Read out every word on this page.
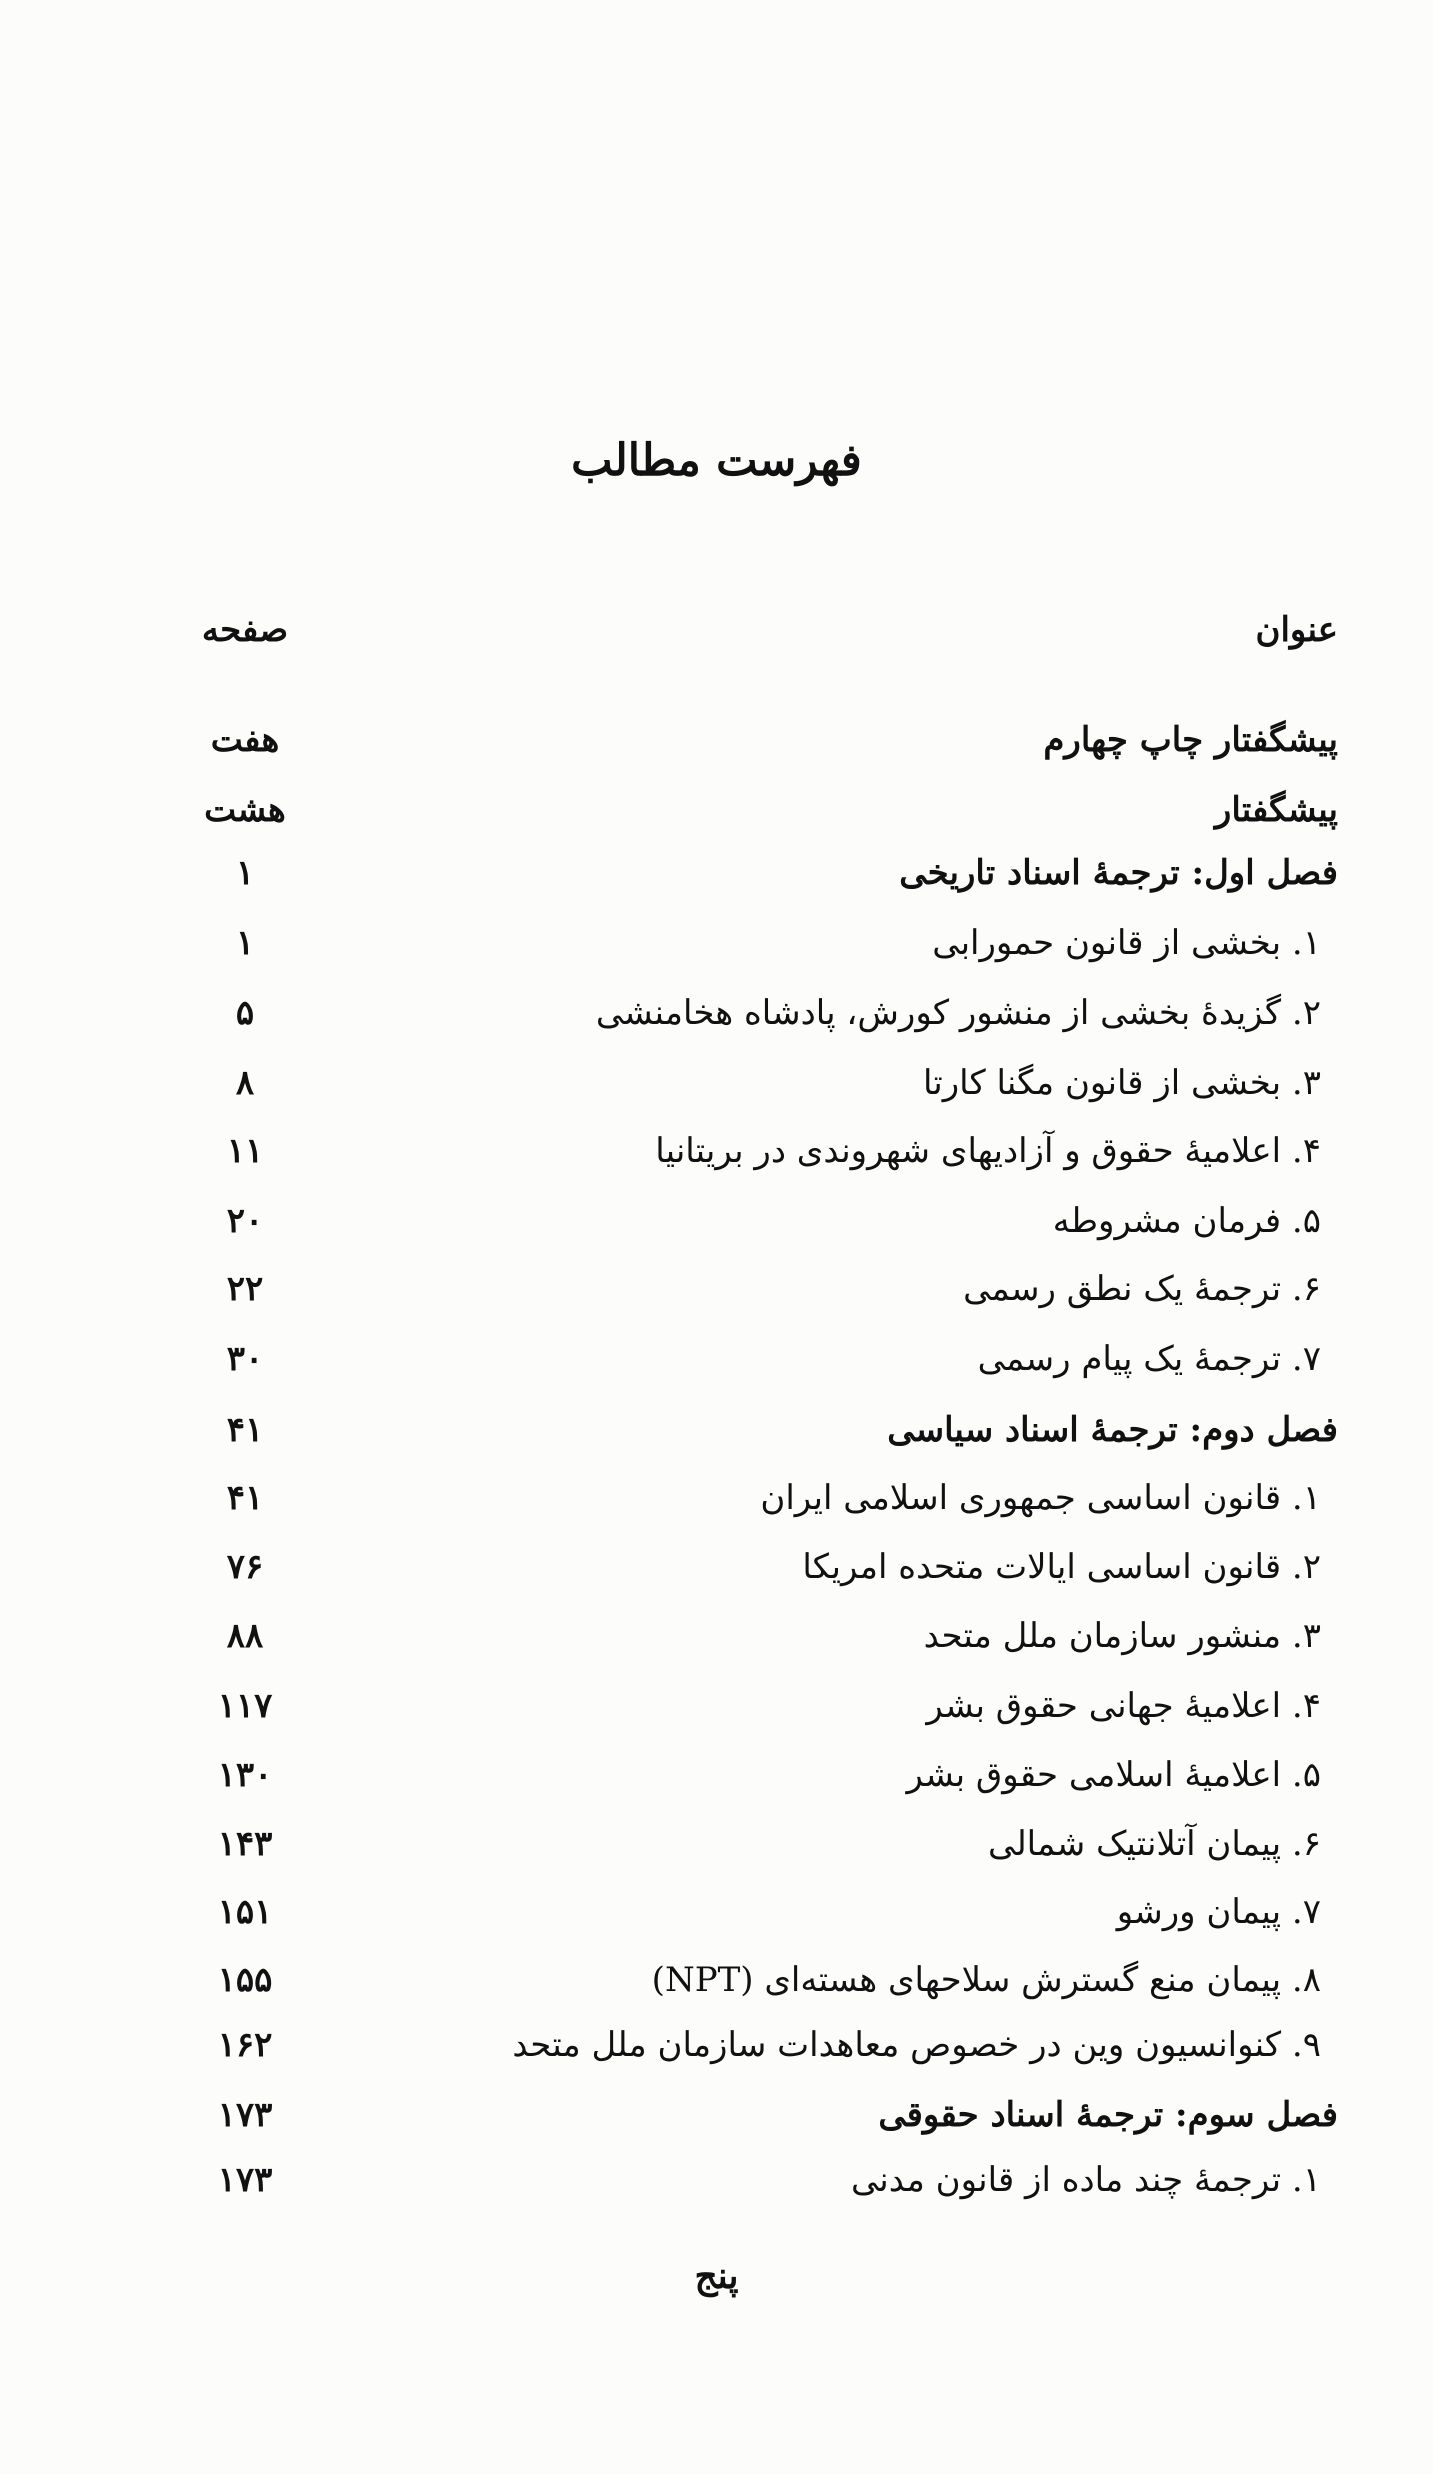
فهرست مطالب
عنوان
صفحه
پیشگفتار چاپ چهارم
هفت
پیشگفتار
هشت
فصل اول: ترجمهٔ اسناد تاریخی
۱
۱. بخشی از قانون حمورابی
۱
۲. گزیدهٔ بخشی از منشور کورش، پادشاه هخامنشی
۵
۳. بخشی از قانون مگنا کارتا
۸
۴. اعلامیهٔ حقوق و آزادیهای شهروندی در بریتانیا
۱۱
۵. فرمان مشروطه
۲۰
۶. ترجمهٔ یک نطق رسمی
۲۲
۷. ترجمهٔ یک پیام رسمی
۳۰
فصل دوم: ترجمهٔ اسناد سیاسی
۴۱
۱. قانون اساسی جمهوری اسلامی ایران
۴۱
۲. قانون اساسی ایالات متحده امریکا
۷۶
۳. منشور سازمان ملل متحد
۸۸
۴. اعلامیهٔ جهانی حقوق بشر
۱۱۷
۵. اعلامیهٔ اسلامی حقوق بشر
۱۳۰
۶. پیمان آتلانتیک شمالی
۱۴۳
۷. پیمان ورشو
۱۵۱
۸. پیمان منع گسترش سلاحهای هسته‌ای (NPT)
۱۵۵
۹. کنوانسیون وین در خصوص معاهدات سازمان ملل متحد
۱۶۲
فصل سوم: ترجمهٔ اسناد حقوقی
۱۷۳
۱. ترجمهٔ چند ماده از قانون مدنی
۱۷۳
پنج
